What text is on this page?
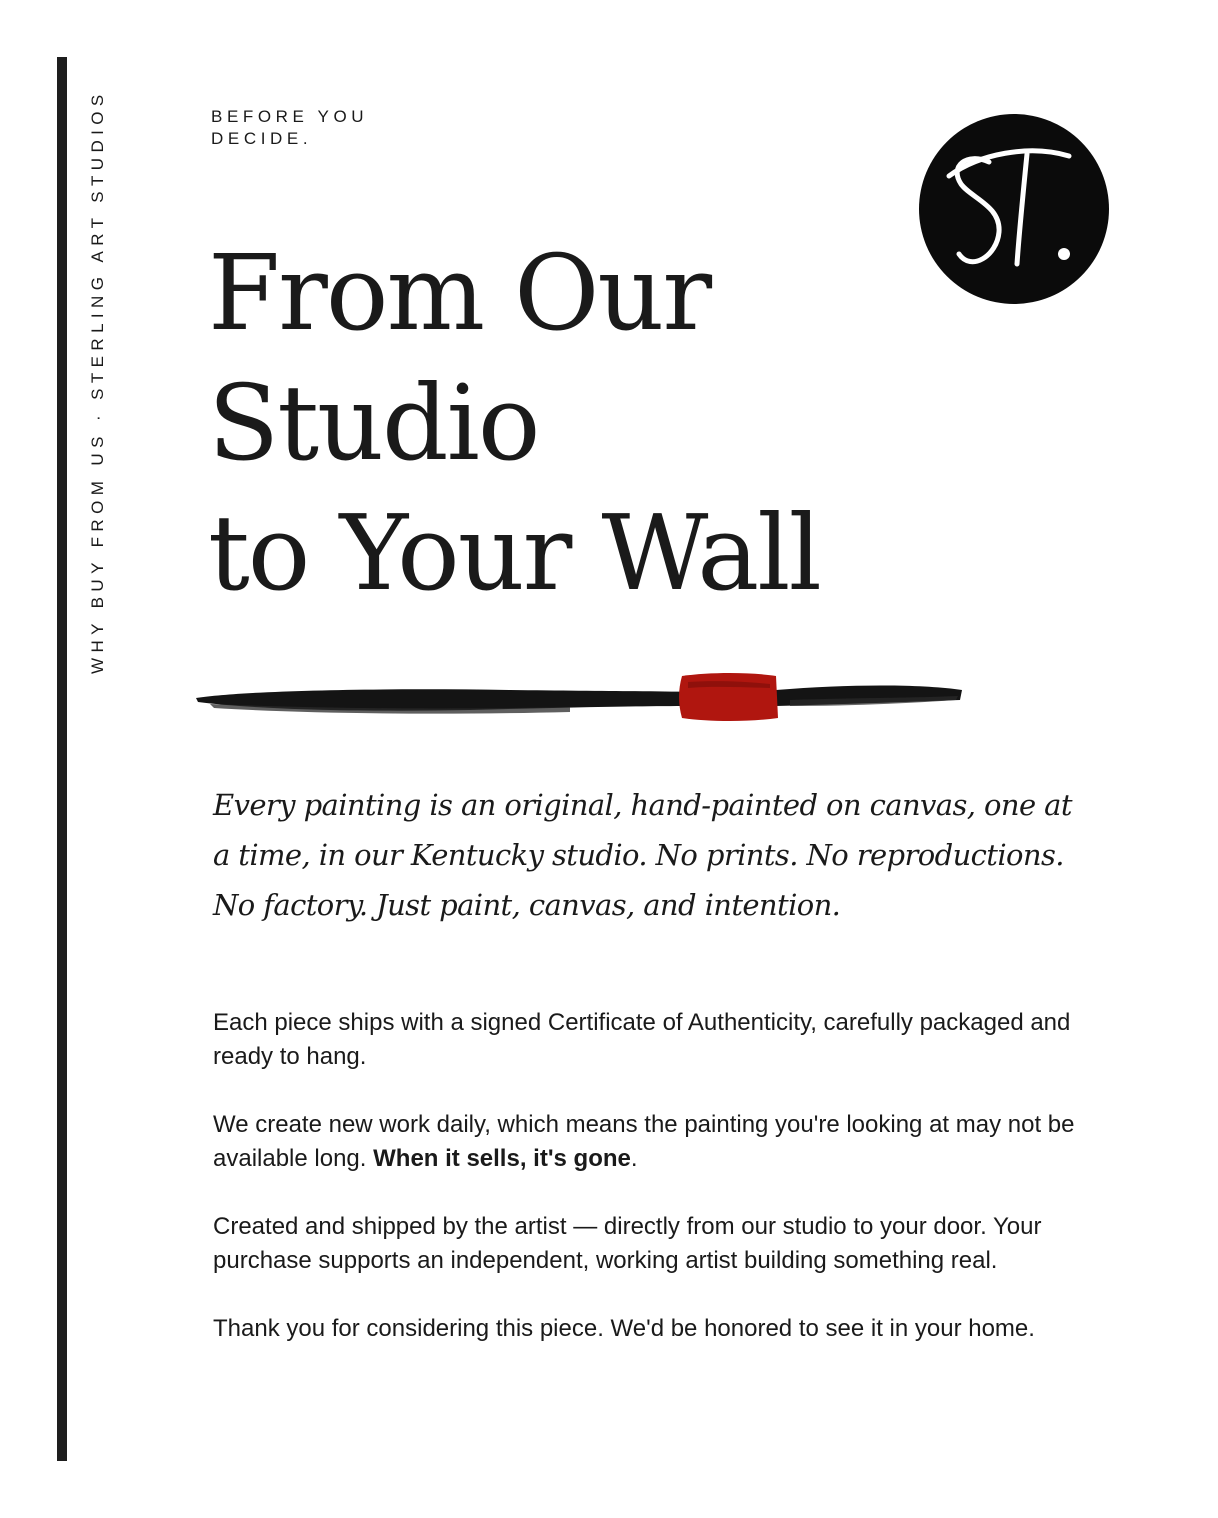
WHY BUY FROM US · STERLING ART STUDIOS	BEFORE YOU
DECIDE.
From Our
Studio
to Your Wall

Every painting is an original, hand-painted on canvas, one at a time, in our Kentucky studio. No prints. No reproductions. No factory. Just paint, canvas, and intention.

Each piece ships with a signed Certificate of Authenticity, carefully packaged and ready to hang.

We create new work daily, which means the painting you're looking at may not be available long. When it sells, it's gone.

Created and shipped by the artist — directly from our studio to your door. Your purchase supports an independent, working artist building something real.

Thank you for considering this piece. We'd be honored to see it in your home.
